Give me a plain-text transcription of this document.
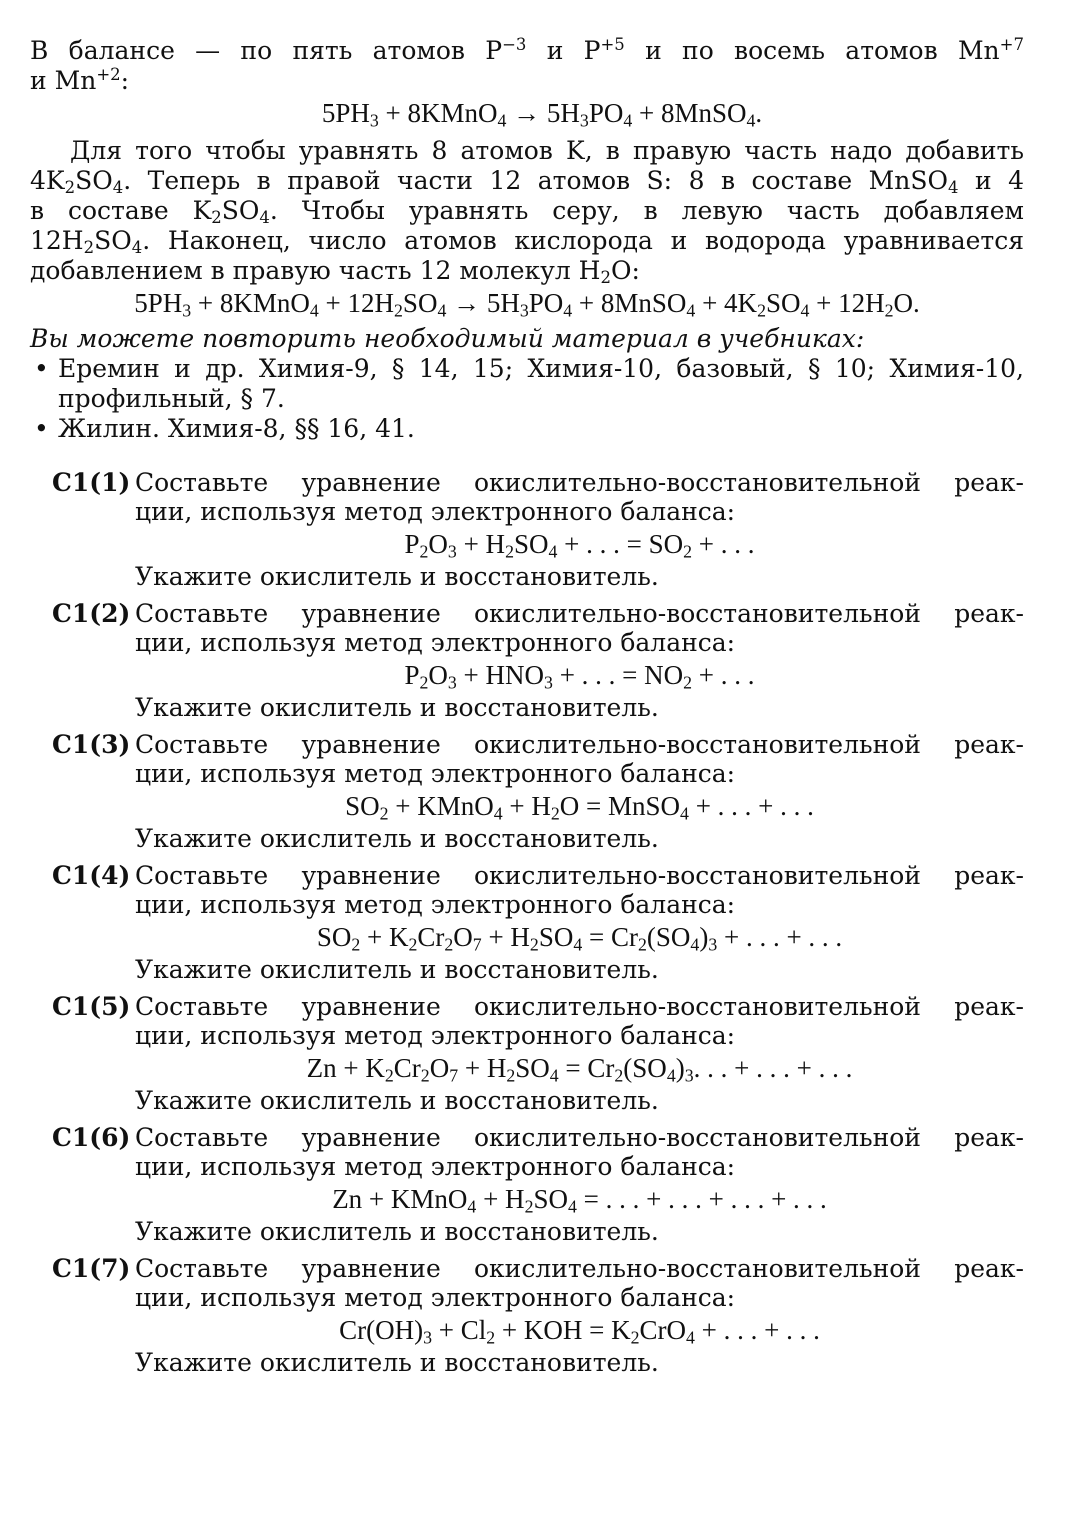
В балансе — по пять атомов $P^{-3}$ и $P^{+5}$ и по восемь атомов $Mn^{+7}$
и $Mn^{+2}$:
$5PH_3$ + 8KMnO$_4$ → $5H_3PO_4$ + 8MnSO$_4$.
Для того чтобы уравнять 8 атомов K, в правую часть надо добавить
$4K_2SO_4$. Теперь в правой части 12 атомов S: 8 в составе MnSO$_4$ и 4
в составе $K_2SO_4$. Чтобы уравнять серу, в левую часть добавляем
$12H_2SO_4$. Наконец, число атомов кислорода и водорода уравнивается
добавлением в правую часть 12 молекул $H_2O$:
$5PH_3$ + 8KMnO$_4$ + $12H_2SO_4 \to 5H_3PO_4$ + 8MnSO$_4$ + $4K_2SO_4 + 12H_2O$.
Вы можете повторить необходимый материал в учебниках:
• Еремин и др. Химия-9, § 14, 15; Химия-10, базовый, § 10; Химия-10,
профильный, § 7.
• Жилин. Химия-8, §§ 16, 41.
C1(1) Составьте уравнение окислительно-восстановительной реак-
ции, используя метод электронного баланса:
$P_2O_3 + H_2SO_4$ + . . . = $SO_2$ + . . .
Укажите окислитель и восстановитель.
C1(2) Составьте уравнение окислительно-восстановительной реак-
ции, используя метод электронного баланса:
$P_2O_3 + HNO_3$ + . . . = $NO_2$ + . . .
Укажите окислитель и восстановитель.
C1(3) Составьте уравнение окислительно-восстановительной реак-
ции, используя метод электронного баланса:
$SO_2$ + KMnO$_4$ + $H_2O$ = MnSO$_4$ + . . . + . . .
Укажите окислитель и восстановитель.
C1(4) Составьте уравнение окислительно-восстановительной реак-
ции, используя метод электронного баланса:
$SO_2 + K_2Cr_2O_7 + H_2SO_4 = Cr_2(SO_4)_3$ + . . . + . . .
Укажите окислитель и восстановитель.
C1(5) Составьте уравнение окислительно-восстановительной реак-
ции, используя метод электронного баланса:
$Zn + K_2Cr_2O_7 + H_2SO_4 = Cr_2(SO_4)_3$. . . + . . . + . . .
Укажите окислитель и восстановитель.
C1(6) Составьте уравнение окислительно-восстановительной реак-
ции, используя метод электронного баланса:
Zn + KMnO$_4$ + $H_2SO_4$ = . . . + . . . + . . . + . . .
Укажите окислитель и восстановитель.
C1(7) Составьте уравнение окислительно-восстановительной реак-
ции, используя метод электронного баланса:
$Cr(OH)_3 + Cl_2$ + KOH = $K_2CrO_4$ + . . . + . . .
Укажите окислитель и восстановитель.
